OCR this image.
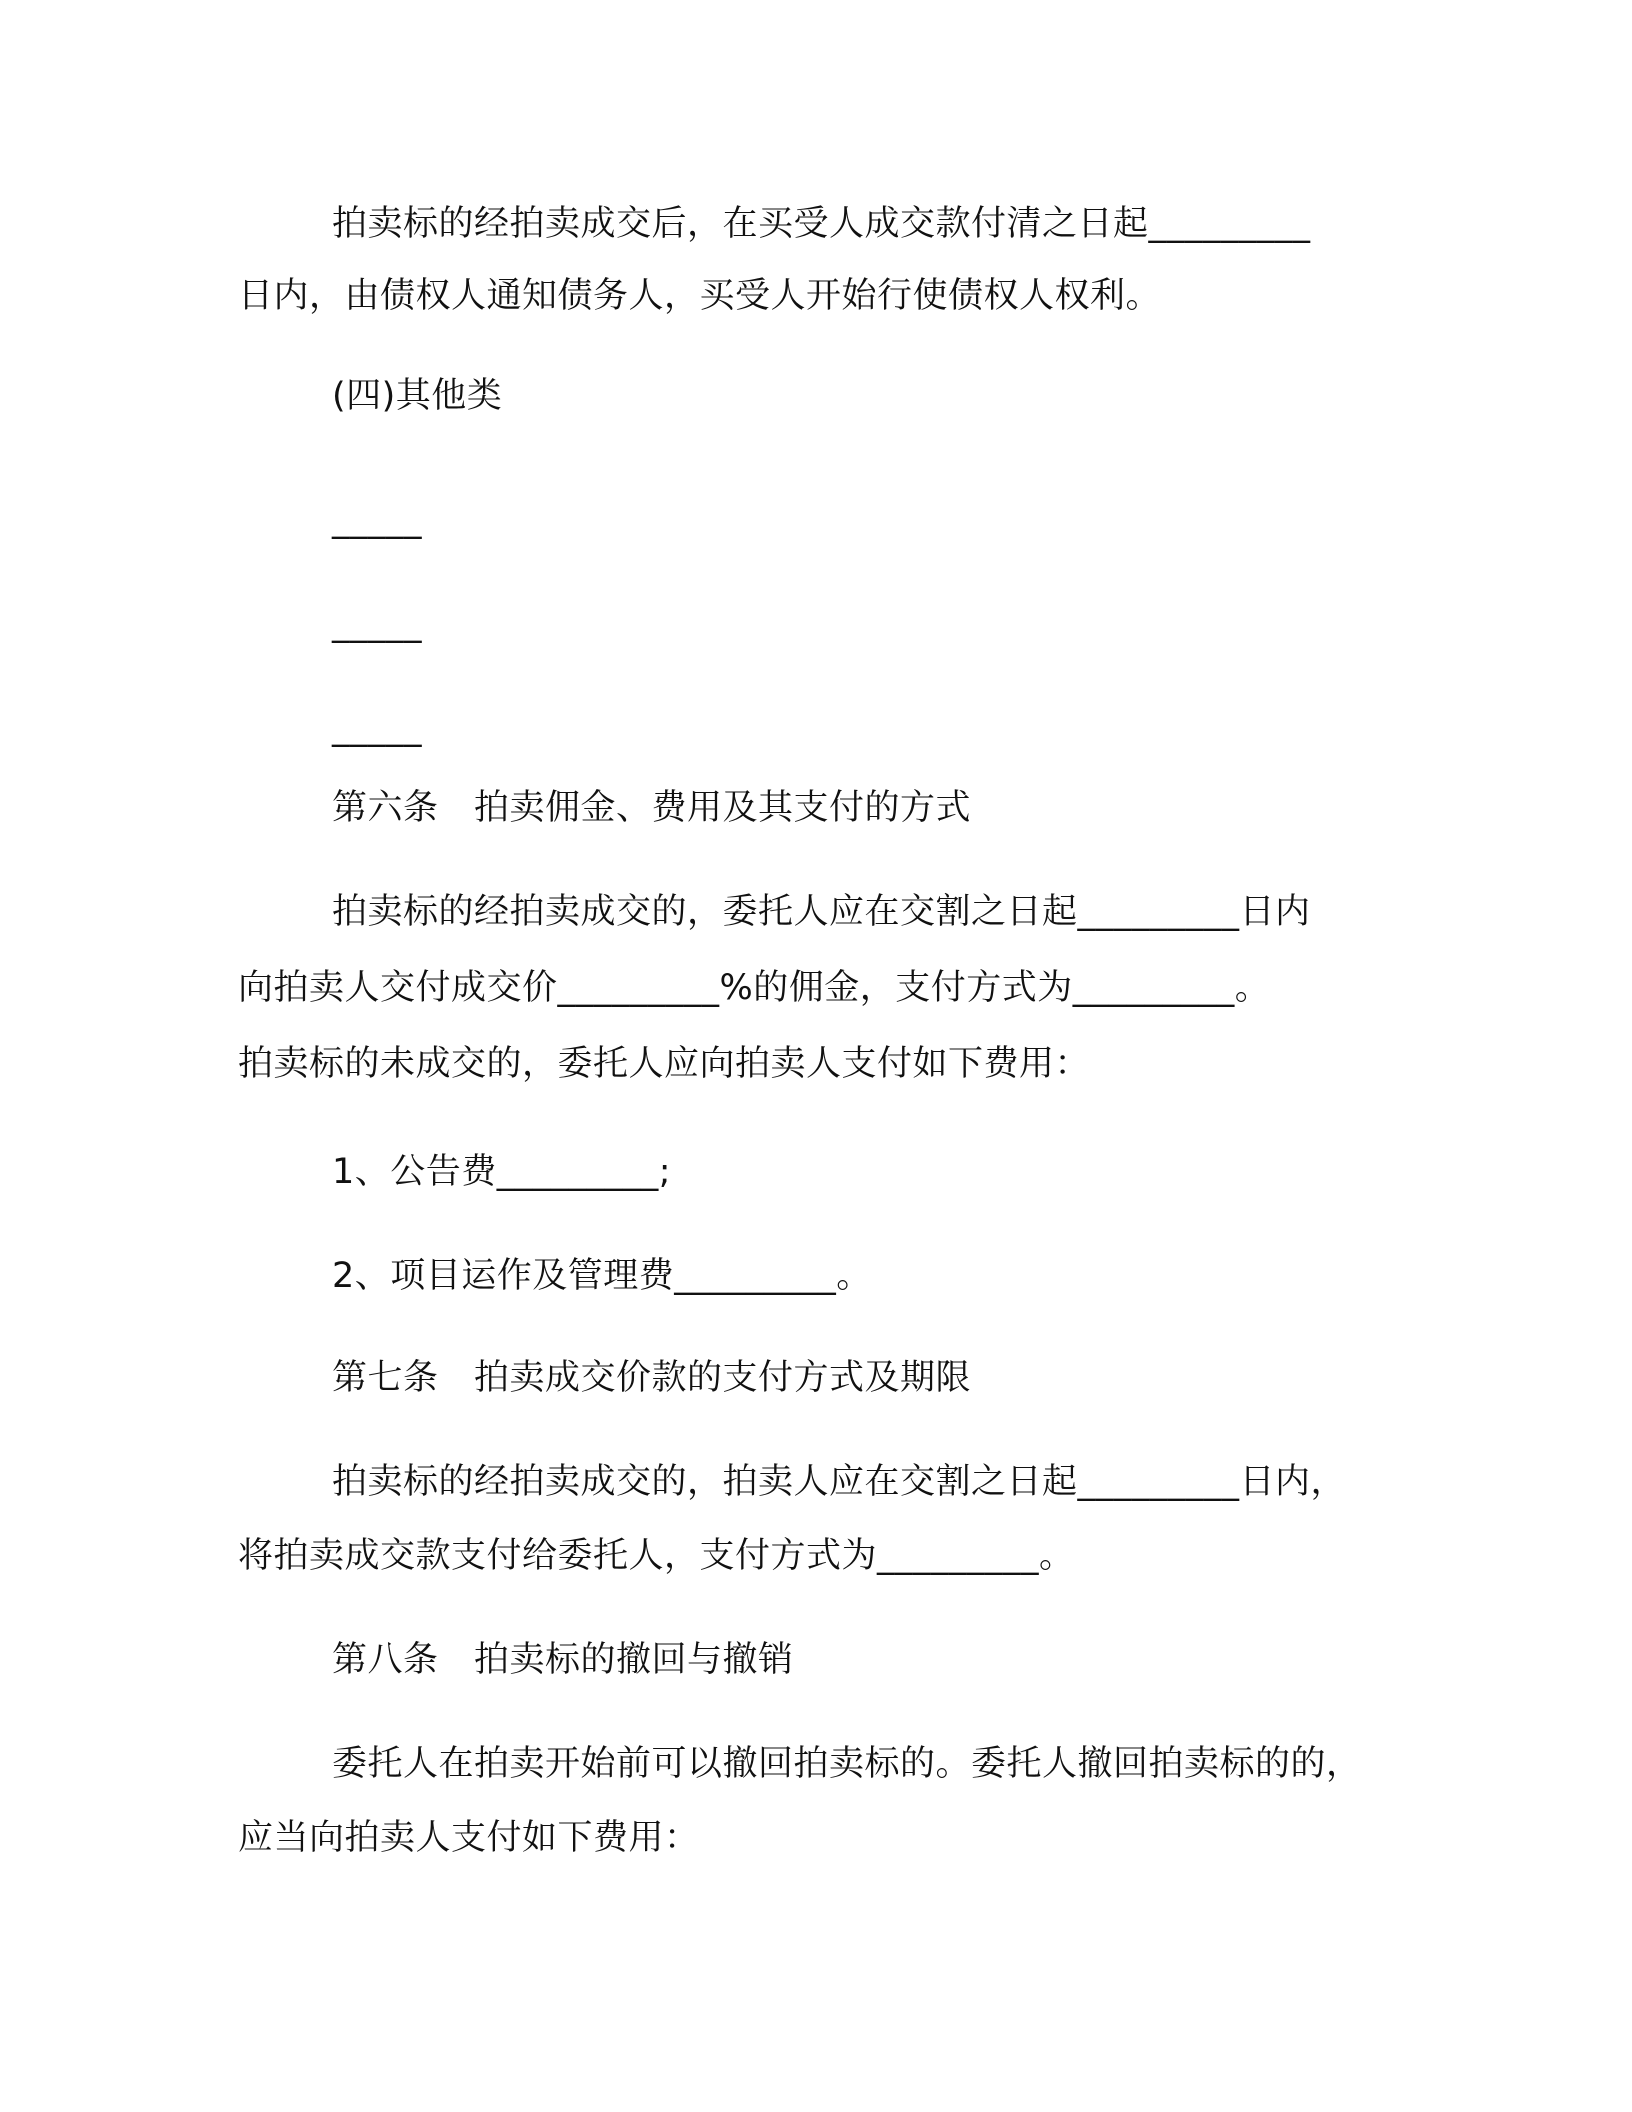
拍卖标的经拍卖成交后，在买受人成交款付清之日起_________
日内，由债权人通知债务人，买受人开始行使债权人权利。
(四)其他类
_____
_____
_____
第六条　拍卖佣金、费用及其支付的方式
拍卖标的经拍卖成交的，委托人应在交割之日起_________日内
向拍卖人交付成交价_________%的佣金，支付方式为_________。
拍卖标的未成交的，委托人应向拍卖人支付如下费用：
1、公告费_________;
2、项目运作及管理费_________。
第七条　拍卖成交价款的支付方式及期限
拍卖标的经拍卖成交的，拍卖人应在交割之日起_________日内，
将拍卖成交款支付给委托人，支付方式为_________。
第八条　拍卖标的撤回与撤销
委托人在拍卖开始前可以撤回拍卖标的。委托人撤回拍卖标的的，
应当向拍卖人支付如下费用：
